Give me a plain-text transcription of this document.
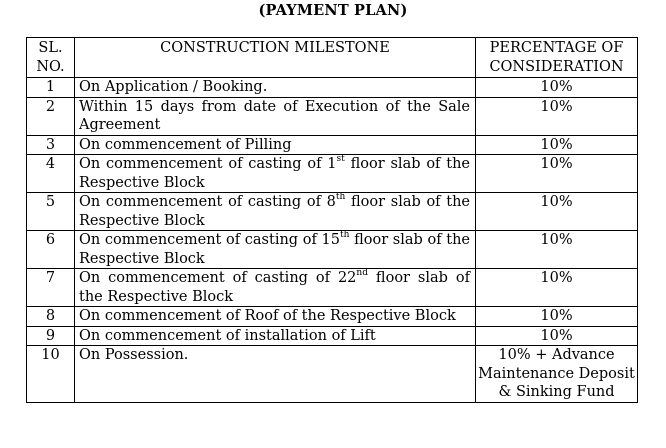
(PAYMENT PLAN)
SL. NO.	CONSTRUCTION MILESTONE	PERCENTAGE OF CONSIDERATION
1	On Application / Booking.	10%
2	Within 15 days from date of Execution of the Sale Agreement	10%
3	On commencement of Pilling	10%
4	On commencement of casting of 1st floor slab of the Respective Block	10%
5	On commencement of casting of 8th floor slab of the Respective Block	10%
6	On commencement of casting of 15th floor slab of the Respective Block	10%
7	On commencement of casting of 22nd floor slab of the Respective Block	10%
8	On commencement of Roof of the Respective Block	10%
9	On commencement of installation of Lift	10%
10	On Possession.	10% + Advance Maintenance Deposit & Sinking Fund
